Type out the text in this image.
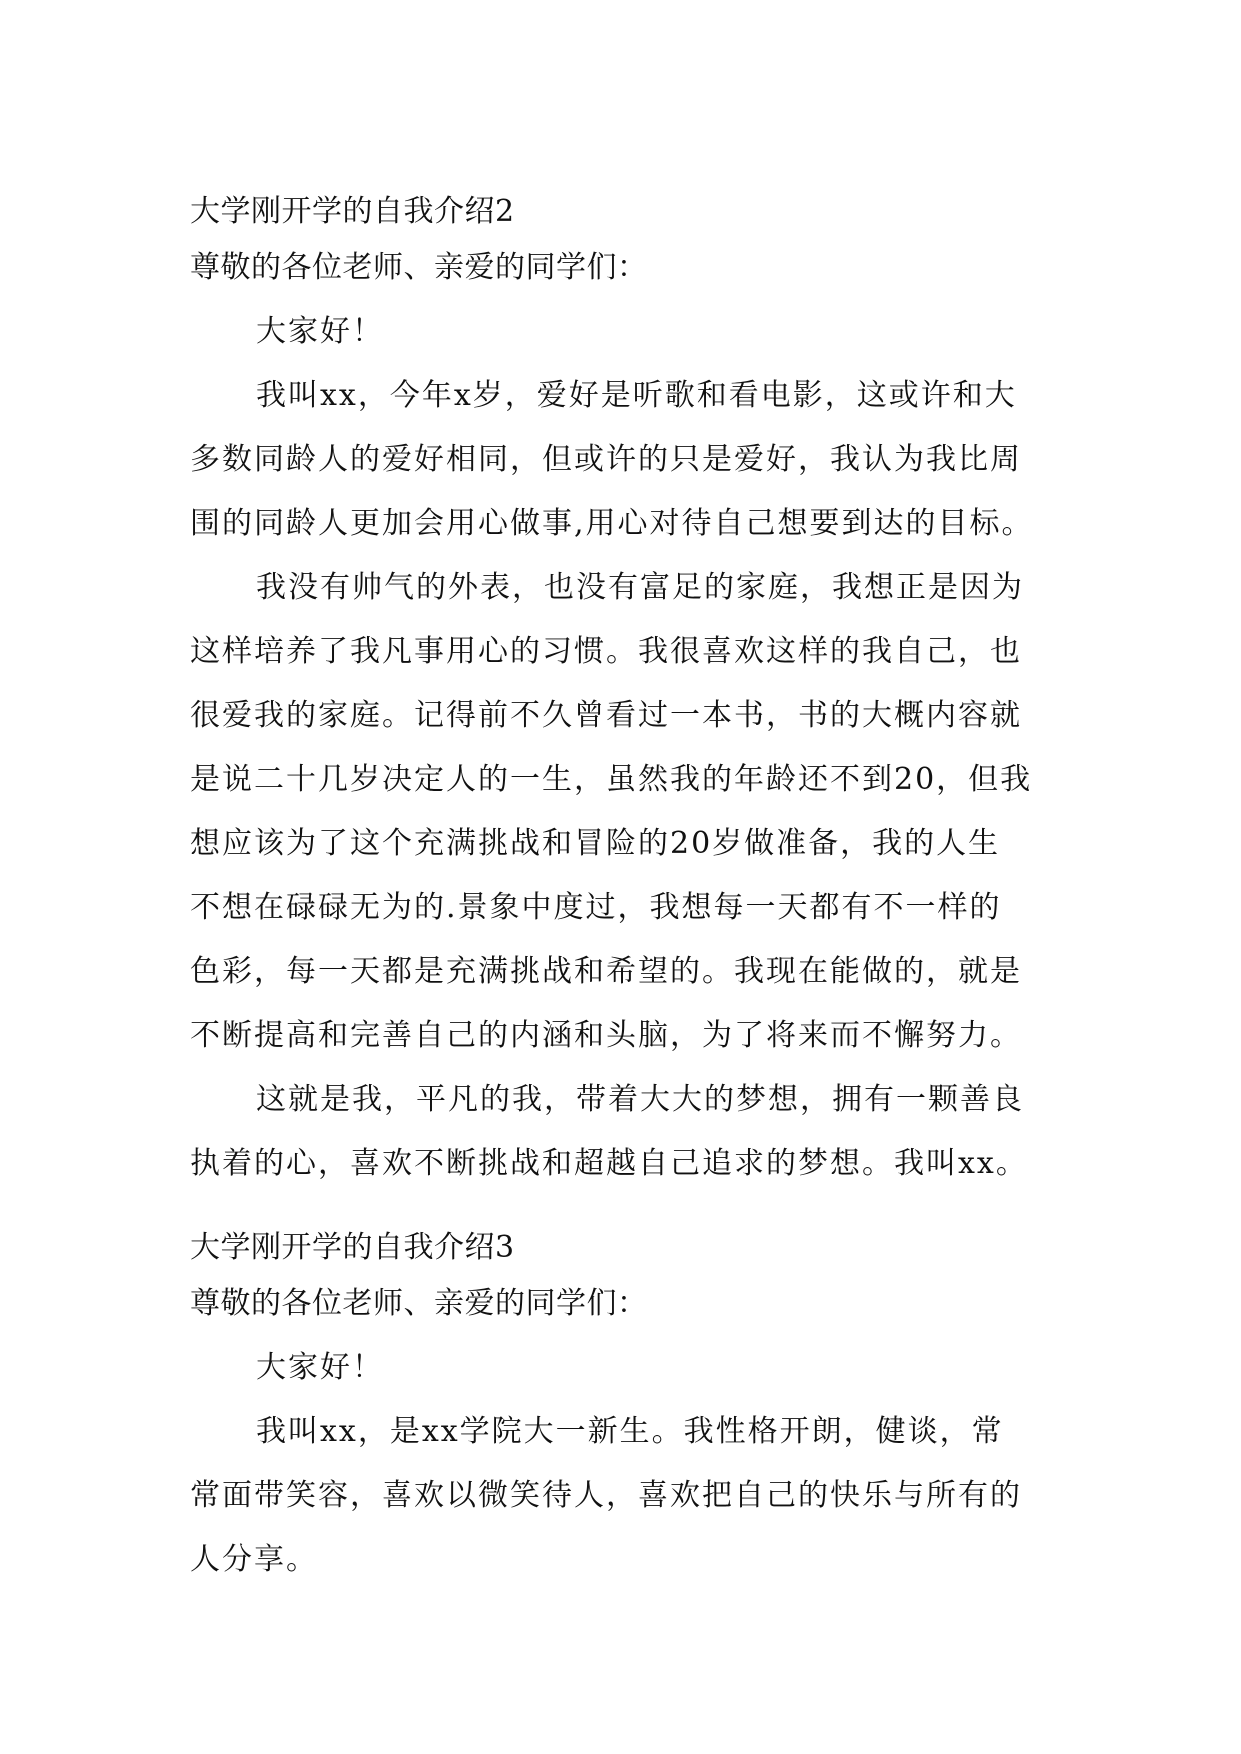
大学刚开学的自我介绍2

尊敬的各位老师、亲爱的同学们：

大家好！

我叫xx，今年x岁，爱好是听歌和看电影，这或许和大

多数同龄人的爱好相同，但或许的只是爱好，我认为我比周

围的同龄人更加会用心做事,用心对待自己想要到达的目标。

我没有帅气的外表，也没有富足的家庭，我想正是因为

这样培养了我凡事用心的习惯。我很喜欢这样的我自己，也

很爱我的家庭。记得前不久曾看过一本书，书的大概内容就

是说二十几岁决定人的一生，虽然我的年龄还不到20，但我

想应该为了这个充满挑战和冒险的20岁做准备，我的人生

不想在碌碌无为的.景象中度过，我想每一天都有不一样的

色彩，每一天都是充满挑战和希望的。我现在能做的，就是

不断提高和完善自己的内涵和头脑，为了将来而不懈努力。

这就是我，平凡的我，带着大大的梦想，拥有一颗善良

执着的心，喜欢不断挑战和超越自己追求的梦想。我叫xx。

大学刚开学的自我介绍3

尊敬的各位老师、亲爱的同学们：

大家好！

我叫xx，是xx学院大一新生。我性格开朗，健谈，常

常面带笑容，喜欢以微笑待人，喜欢把自己的快乐与所有的

人分享。
